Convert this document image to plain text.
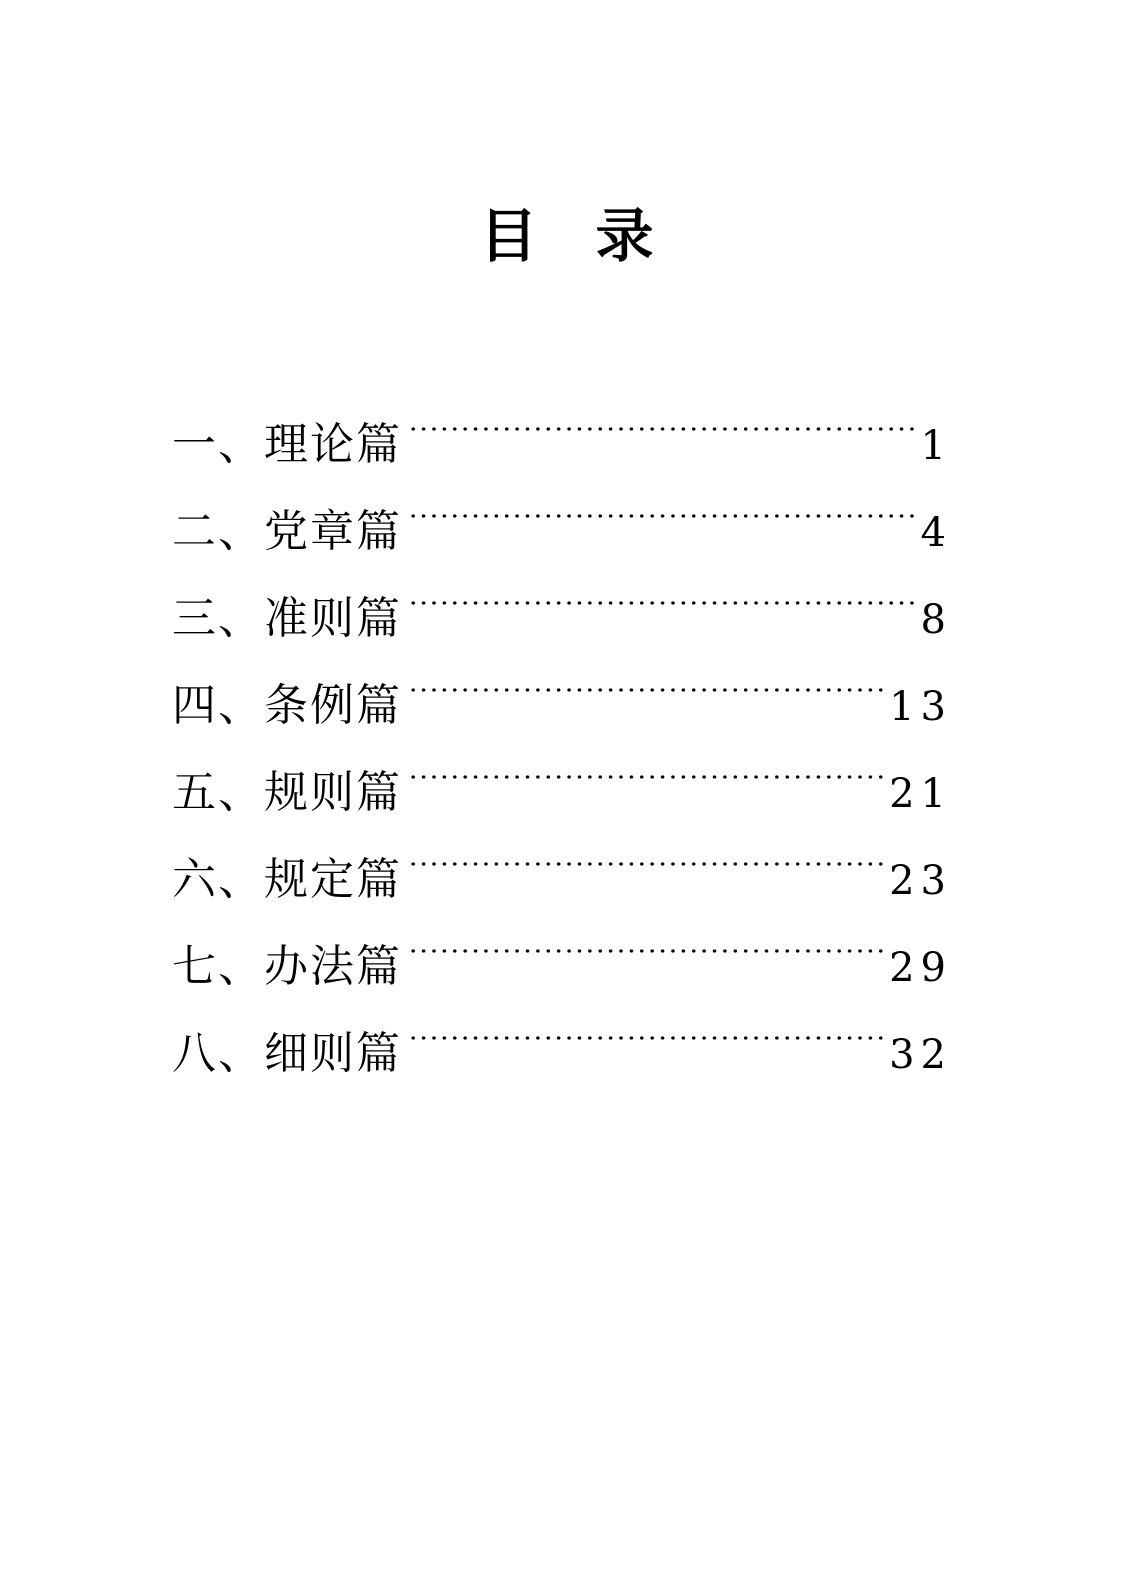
目　录
一、理论篇	1
二、党章篇	4
三、准则篇	8
四、条例篇	13
五、规则篇	21
六、规定篇	23
七、办法篇	29
八、细则篇	32
